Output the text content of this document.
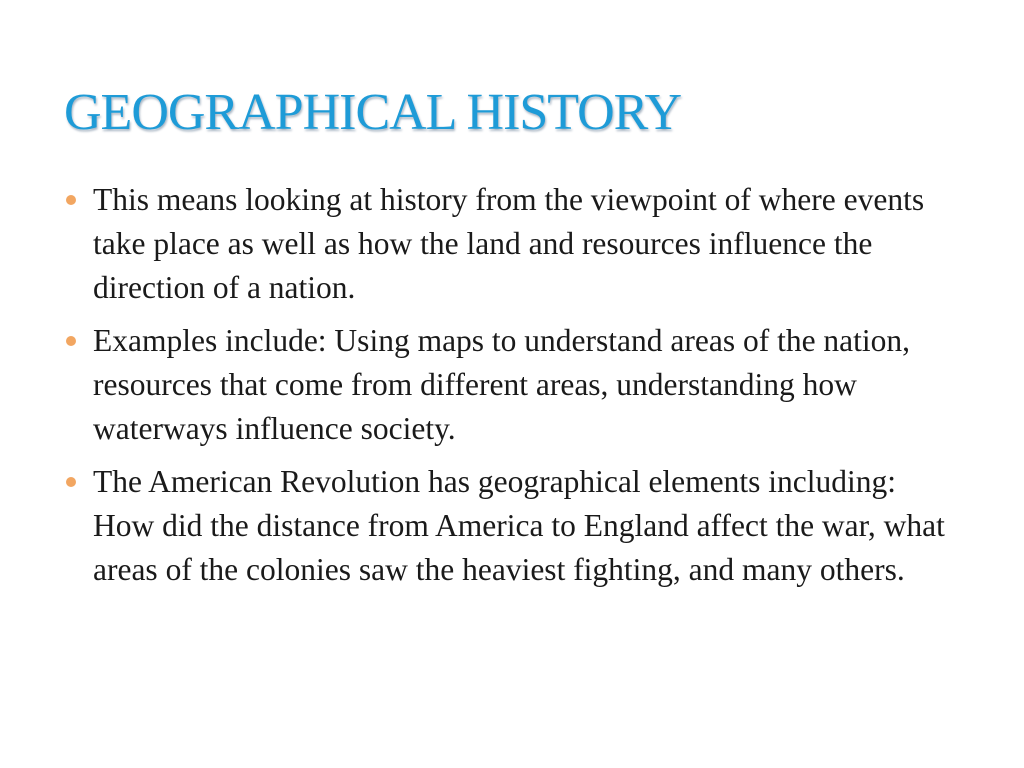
GEOGRAPHICAL HISTORY
This means looking at history from the viewpoint of where events take place as well as how the land and resources influence the direction of a nation.
Examples include: Using maps to understand areas of the nation, resources that come from different areas, understanding how waterways influence society.
The American Revolution has geographical elements including: How did the distance from America to England affect the war, what areas of the colonies saw the heaviest fighting, and many others.
